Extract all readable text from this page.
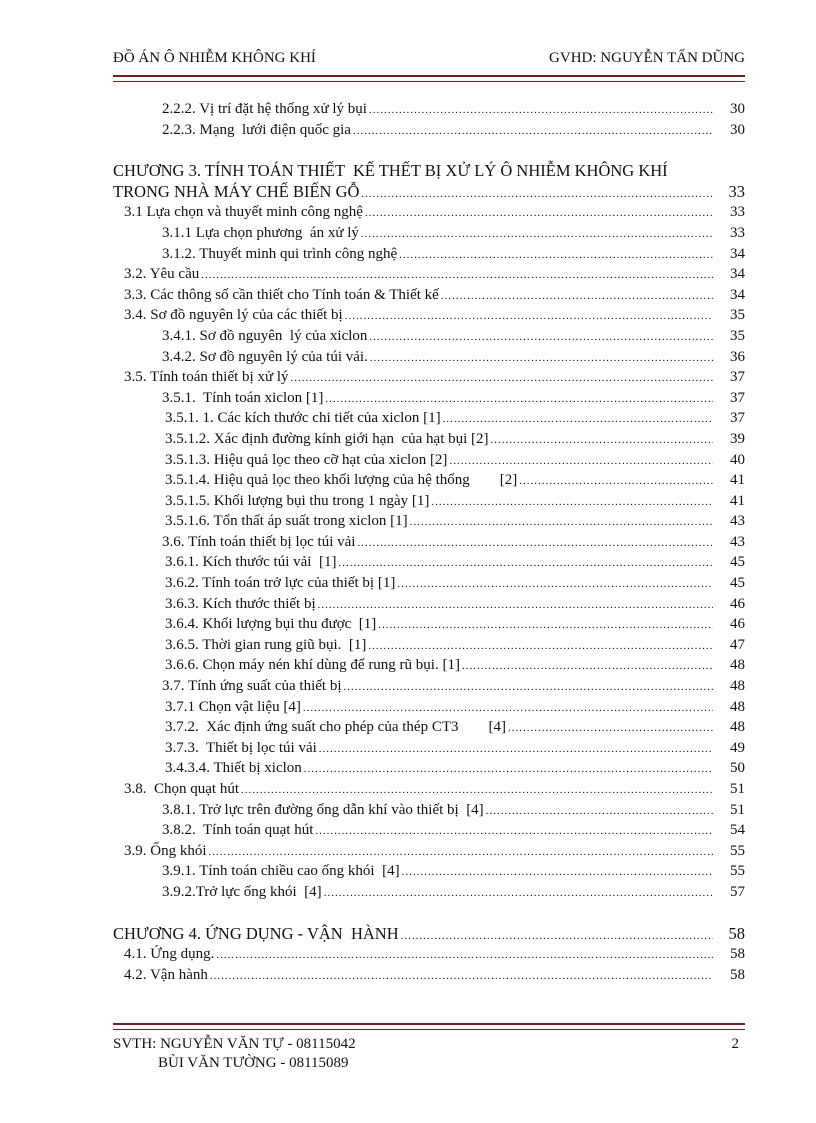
ĐỒ ÁN Ô NHIỄM KHÔNG KHÍ	GVHD: NGUYỄN TẤN DŨNG
2.2.2. Vị trí đặt hệ thống xử lý bụi .....	30
2.2.3. Mạng  lưới điện quốc gia .....	30
CHƯƠNG 3. TÍNH TOÁN THIẾT  KẾ THẾT BỊ XỬ LÝ Ô NHIỄM KHÔNG KHÍ
TRONG NHÀ MÁY CHẾ BIẾN GỖ .....	33
3.1 Lựa chọn và thuyết minh công nghệ .....	33
3.1.1 Lựa chọn phương  án xử lý .....	33
3.1.2. Thuyết minh qui trình công nghệ .....	34
3.2. Yêu cầu .....	34
3.3. Các thông số cần thiết cho Tính toán & Thiết kế .....	34
3.4. Sơ đồ nguyên lý của các thiết bị .....	35
3.4.1. Sơ đồ nguyên  lý của xiclon .....	35
3.4.2. Sơ đồ nguyên lý của túi vải. .....	36
3.5. Tính toán thiết bị xử lý .....	37
3.5.1.  Tính toán xiclon [1] .....	37
3.5.1. 1. Các kích thước chi tiết của xiclon [1] .....	37
3.5.1.2. Xác định đường kính giới hạn  của hạt bụi [2] .....	39
3.5.1.3. Hiệu quả lọc theo cỡ hạt của xiclon [2] .....	40
3.5.1.4. Hiệu quả lọc theo khối lượng của hệ thống        [2] .....	41
3.5.1.5. Khối lượng bụi thu trong 1 ngày [1] .....	41
3.5.1.6. Tổn thất áp suất trong xiclon [1] .....	43
3.6. Tính toán thiết bị lọc túi vải .....	43
3.6.1. Kích thước túi vải  [1] .....	45
3.6.2. Tính toán trở lực của thiết bị [1] .....	45
3.6.3. Kích thước thiết bị .....	46
3.6.4. Khối lượng bụi thu được  [1] .....	46
3.6.5. Thời gian rung giũ bụi.  [1] .....	47
3.6.6. Chọn máy nén khí dùng để rung rũ bụi. [1] .....	48
3.7. Tính ứng suất của thiết bị .....	48
3.7.1 Chọn vật liệu [4] .....	48
3.7.2.  Xác định ứng suất cho phép của thép CT3        [4] .....	48
3.7.3.  Thiết bị lọc túi vải .....	49
3.4.3.4. Thiết bị xiclon .....	50
3.8.  Chọn quạt hút .....	51
3.8.1. Trở lực trên đường ống dẫn khí vào thiết bị  [4] .....	51
3.8.2.  Tính toán quạt hút .....	54
3.9. Ống khói .....	55
3.9.1. Tính toán chiều cao ống khói  [4] .....	55
3.9.2.Trở lực ống khói  [4] .....	57
CHƯƠNG 4. ỨNG DỤNG - VẬN  HÀNH .....	58
4.1. Ứng dụng. .....	58
4.2. Vận hành .....	58
SVTH: NGUYỄN VĂN TỰ - 08115042
BÙI VĂN TƯỜNG - 08115089
2
